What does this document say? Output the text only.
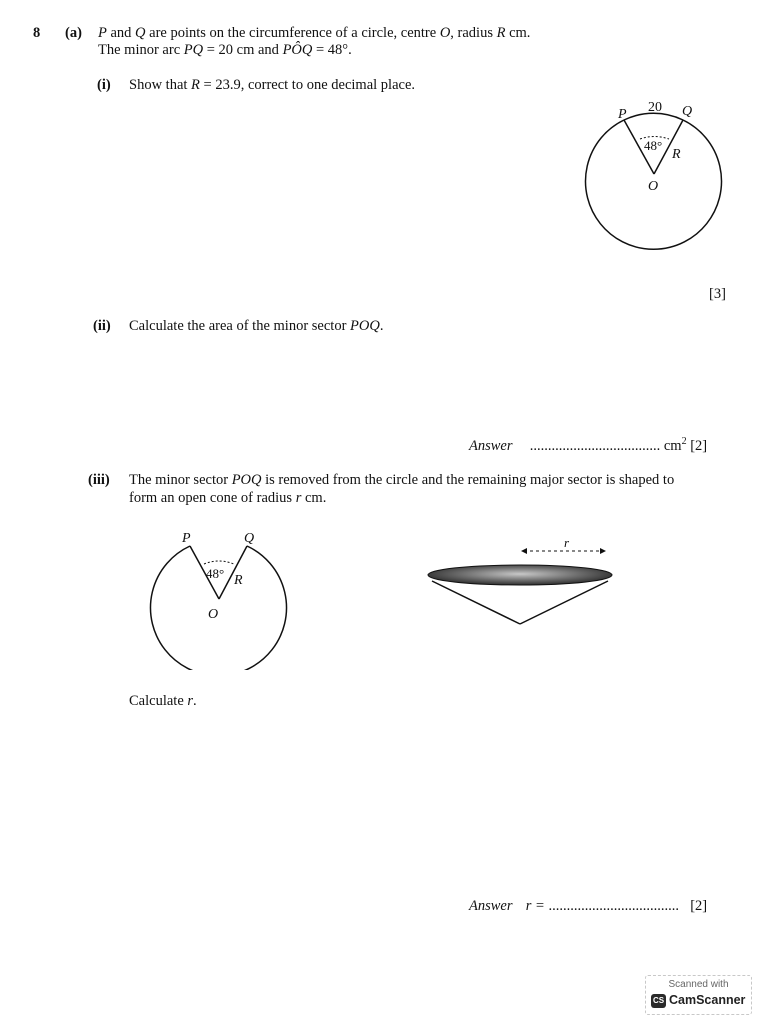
8 (a) P and Q are points on the circumference of a circle, centre O, radius R cm.
The minor arc PQ = 20 cm and PÔQ = 48°.
(i) Show that R = 23.9, correct to one decimal place.
P 20 Q
48°
R
O
[3]
(ii) Calculate the area of the minor sector POQ.
Answer .................................... $cm^2$ [2]
(iii) The minor sector POQ is removed from the circle and the remaining major sector is shaped to
form an open cone of radius r cm.
P	Q
48° R
O
r
Calculate r.
Answer r = .................................... [2]
Scanned with
CS CamScanner
